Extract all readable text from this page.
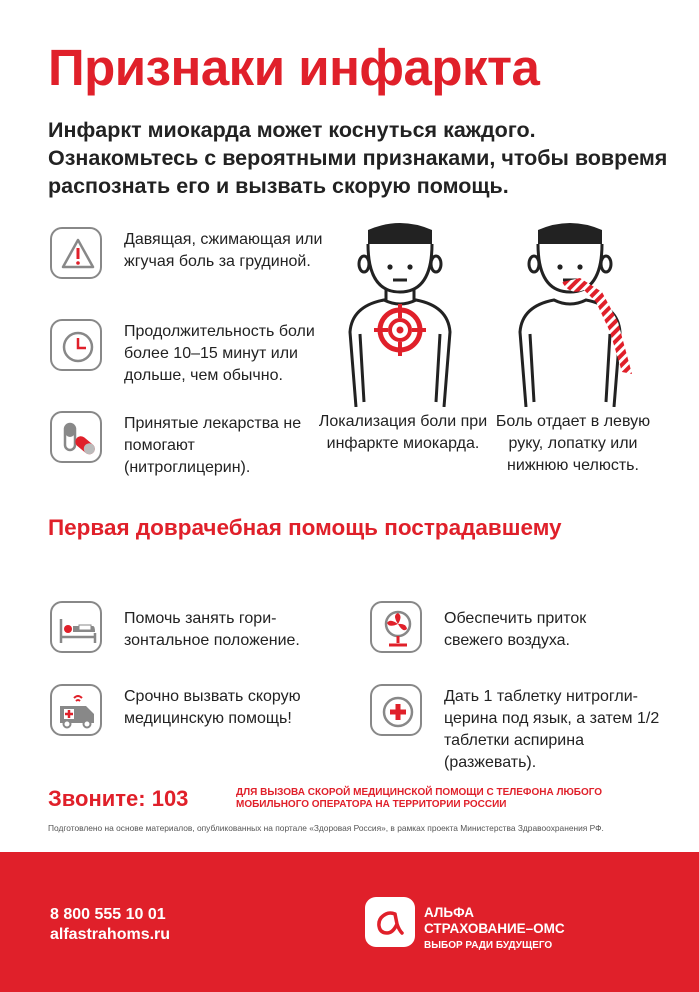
Признаки инфаркта

Инфаркт миокарда может коснуться каждого. Ознакомьтесь с вероятными признаками, чтобы вовремя распознать его и вызвать скорую помощь.

Давящая, сжимающая или жгучая боль за грудиной.
Продолжительность боли более 10–15 минут или дольше, чем обычно.
Принятые лекарства не помогают (нитроглицерин).
Локализация боли при инфаркте миокарда.
Боль отдает в левую руку, лопатку или нижнюю челюсть.
Первая доврачебная помощь пострадавшему
Помочь занять гори-зонтальное положение.
Обеспечить приток свежего воздуха.
Срочно вызвать скорую медицинскую помощь!
Дать 1 таблетку нитрогли-церина под язык, а затем 1/2 таблетки аспирина (разжевать).
Звоните: 103	ДЛЯ ВЫЗОВА СКОРОЙ МЕДИЦИНСКОЙ ПОМОЩИ С ТЕЛЕФОНА ЛЮБОГО МОБИЛЬНОГО ОПЕРАТОРА НА ТЕРРИТОРИИ РОССИИ
Подготовлено на основе материалов, опубликованных на портале «Здоровая Россия», в рамках проекта Министерства Здравоохранения РФ.
8 800 555 10 01
alfastrahoms.ru
АЛЬФА
СТРАХОВАНИЕ–ОМС
ВЫБОР РАДИ БУДУЩЕГО
